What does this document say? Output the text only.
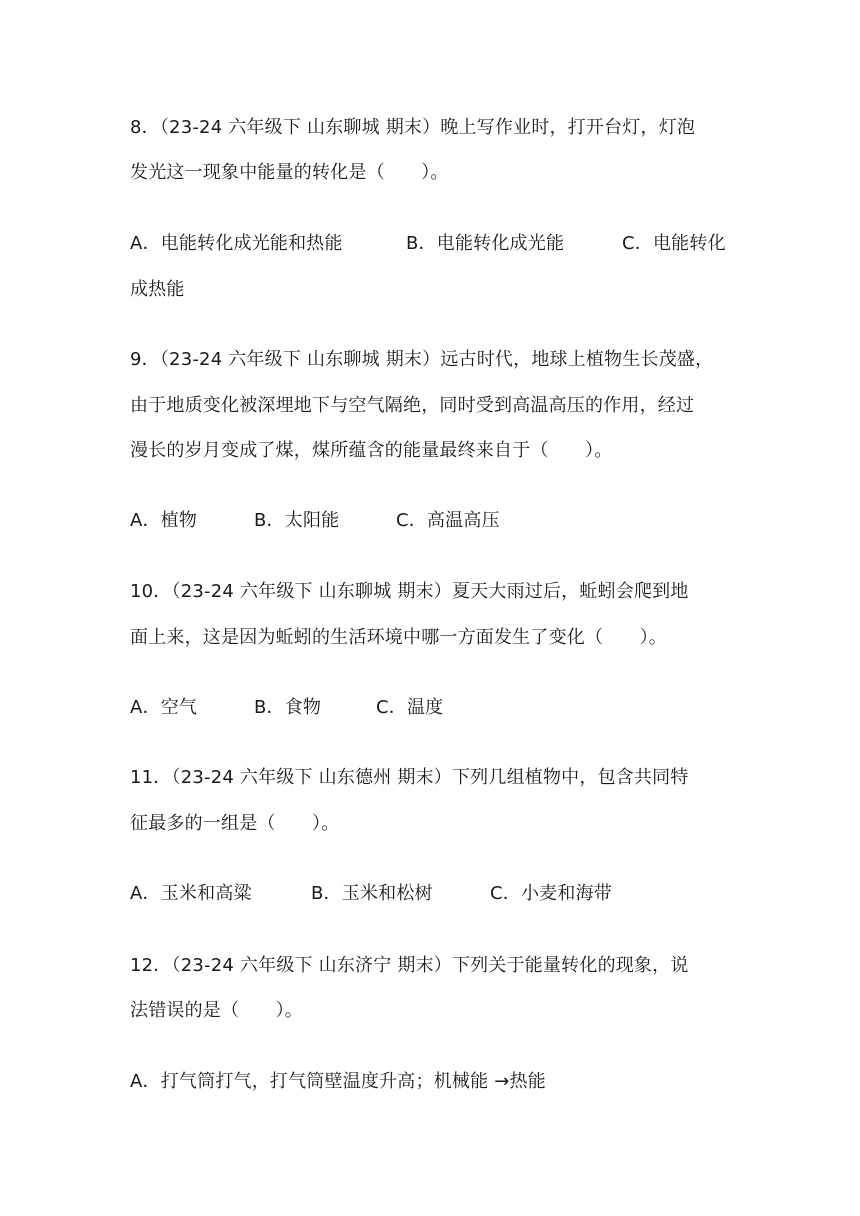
8．（23-24 六年级下 山东聊城 期末）晚上写作业时，打开台灯，灯泡
发光这一现象中能量的转化是（　　）。
A．电能转化成光能和热能	B．电能转化成光能	C．电能转化
成热能
9．（23-24 六年级下 山东聊城 期末）远古时代，地球上植物生长茂盛，
由于地质变化被深埋地下与空气隔绝，同时受到高温高压的作用，经过
漫长的岁月变成了煤，煤所蕴含的能量最终来自于（　　）。
A．植物	B．太阳能	C．高温高压
10．（23-24 六年级下 山东聊城 期末）夏天大雨过后，蚯蚓会爬到地
面上来，这是因为蚯蚓的生活环境中哪一方面发生了变化（　　）。
A．空气	B．食物	C．温度
11．（23-24 六年级下 山东德州 期末）下列几组植物中，包含共同特
征最多的一组是（　　）。
A．玉米和高粱	B．玉米和松树	C．小麦和海带
12．（23-24 六年级下 山东济宁 期末）下列关于能量转化的现象，说
法错误的是（　　）。
A．打气筒打气，打气筒壁温度升高；机械能 →热能
